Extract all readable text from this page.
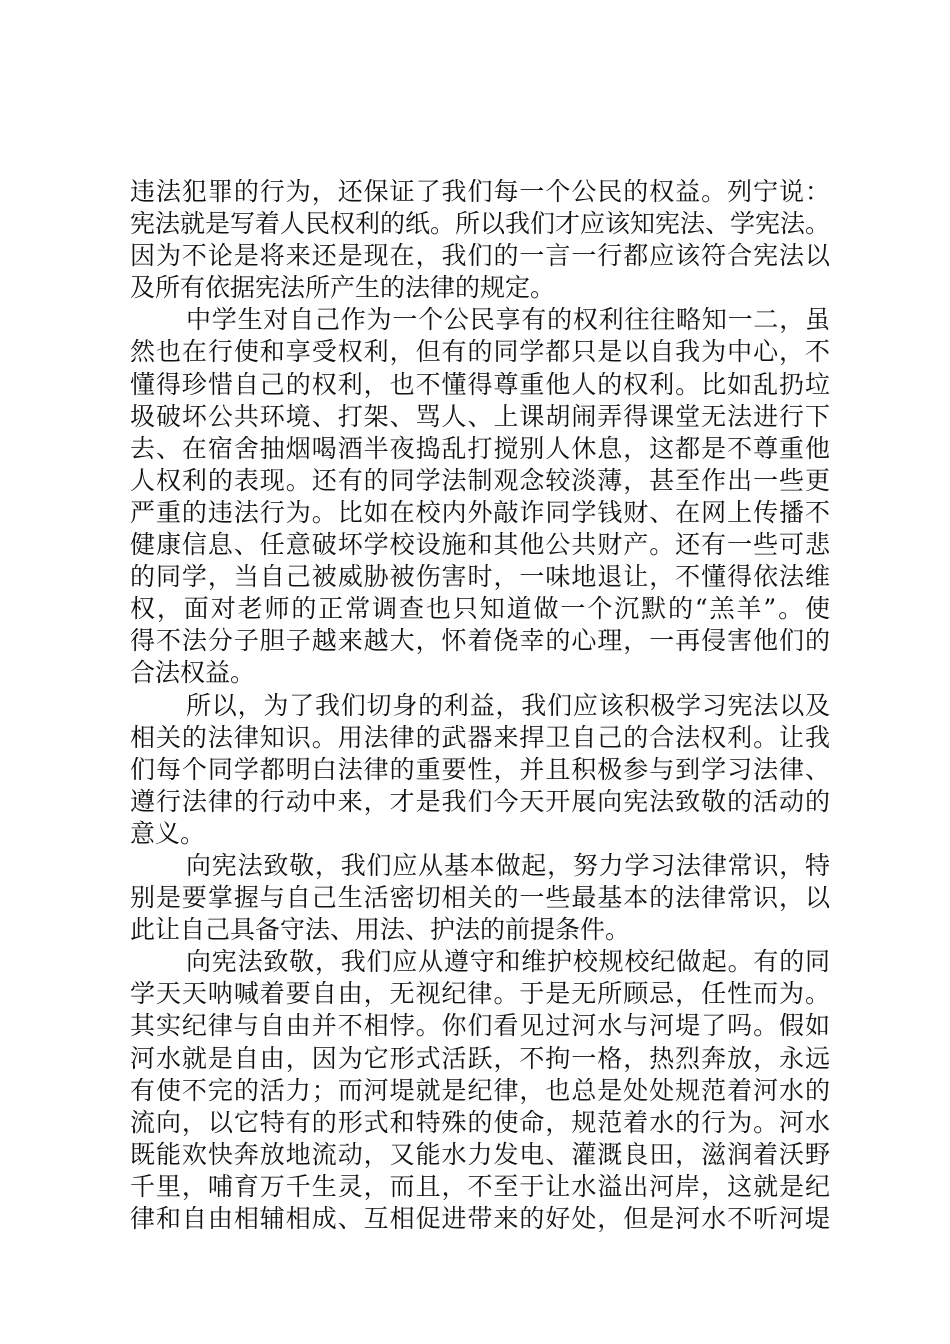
违法犯罪的行为，还保证了我们每一个公民的权益。列宁说：
宪法就是写着人民权利的纸。所以我们才应该知宪法、学宪法。
因为不论是将来还是现在，我们的一言一行都应该符合宪法以
及所有依据宪法所产生的法律的规定。
中学生对自己作为一个公民享有的权利往往略知一二，虽
然也在行使和享受权利，但有的同学都只是以自我为中心，不
懂得珍惜自己的权利，也不懂得尊重他人的权利。比如乱扔垃
圾破坏公共环境、打架、骂人、上课胡闹弄得课堂无法进行下
去、在宿舍抽烟喝酒半夜捣乱打搅别人休息，这都是不尊重他
人权利的表现。还有的同学法制观念较淡薄，甚至作出一些更
严重的违法行为。比如在校内外敲诈同学钱财、在网上传播不
健康信息、任意破坏学校设施和其他公共财产。还有一些可悲
的同学，当自己被威胁被伤害时，一味地退让，不懂得依法维
权，面对老师的正常调查也只知道做一个沉默的“羔羊”。使
得不法分子胆子越来越大，怀着侥幸的心理，一再侵害他们的
合法权益。
所以，为了我们切身的利益，我们应该积极学习宪法以及
相关的法律知识。用法律的武器来捍卫自己的合法权利。让我
们每个同学都明白法律的重要性，并且积极参与到学习法律、
遵行法律的行动中来，才是我们今天开展向宪法致敬的活动的
意义。
向宪法致敬，我们应从基本做起，努力学习法律常识，特
别是要掌握与自己生活密切相关的一些最基本的法律常识，以
此让自己具备守法、用法、护法的前提条件。
向宪法致敬，我们应从遵守和维护校规校纪做起。有的同
学天天呐喊着要自由，无视纪律。于是无所顾忌，任性而为。
其实纪律与自由并不相悖。你们看见过河水与河堤了吗。假如
河水就是自由，因为它形式活跃，不拘一格，热烈奔放，永远
有使不完的活力；而河堤就是纪律，也总是处处规范着河水的
流向，以它特有的形式和特殊的使命，规范着水的行为。河水
既能欢快奔放地流动，又能水力发电、灌溉良田，滋润着沃野
千里，哺育万千生灵，而且，不至于让水溢出河岸，这就是纪
律和自由相辅相成、互相促进带来的好处，但是河水不听河堤
